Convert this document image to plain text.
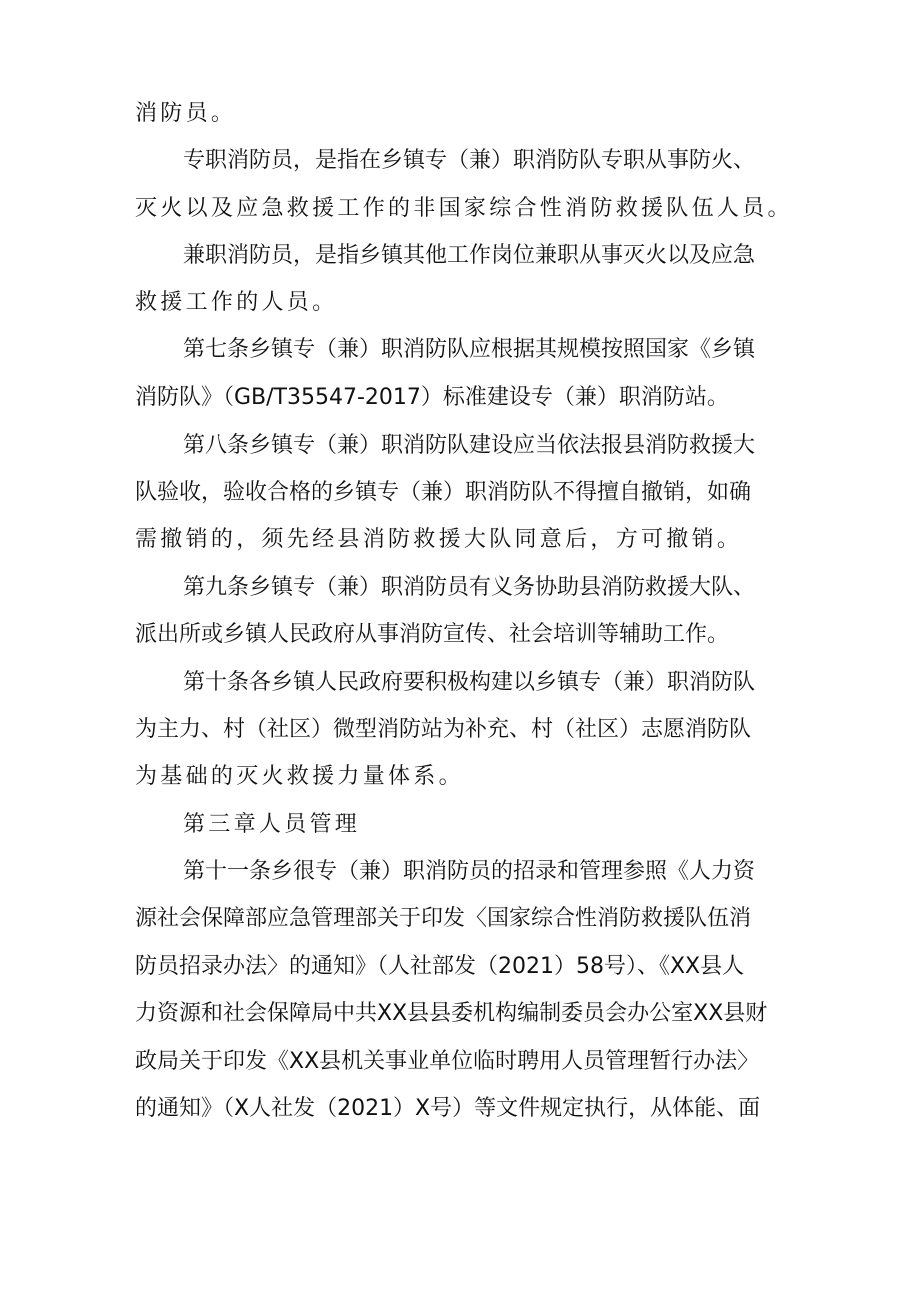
消防员。
专职消防员，是指在乡镇专（兼）职消防队专职从事防火、
灭火以及应急救援工作的非国家综合性消防救援队伍人员。
兼职消防员，是指乡镇其他工作岗位兼职从事灭火以及应急
救援工作的人员。
第七条乡镇专（兼）职消防队应根据其规模按照国家《乡镇
消防队》（GB/T35547-2017）标准建设专（兼）职消防站。
第八条乡镇专（兼）职消防队建设应当依法报县消防救援大
队验收，验收合格的乡镇专（兼）职消防队不得擅自撤销，如确
需撤销的，须先经县消防救援大队同意后，方可撤销。
第九条乡镇专（兼）职消防员有义务协助县消防救援大队、
派出所或乡镇人民政府从事消防宣传、社会培训等辅助工作。
第十条各乡镇人民政府要积极构建以乡镇专（兼）职消防队
为主力、村（社区）微型消防站为补充、村（社区）志愿消防队
为基础的灭火救援力量体系。
第三章人员管理
第十一条乡很专（兼）职消防员的招录和管理参照《人力资
源社会保障部应急管理部关于印发〈国家综合性消防救援队伍消
防员招录办法〉的通知》（人社部发（2021）58号）、《XX县人
力资源和社会保障局中共XX县县委机构编制委员会办公室XX县财
政局关于印发《XX县机关事业单位临时聘用人员管理暂行办法〉
的通知》（X人社发（2021）X号）等文件规定执行，从体能、面
